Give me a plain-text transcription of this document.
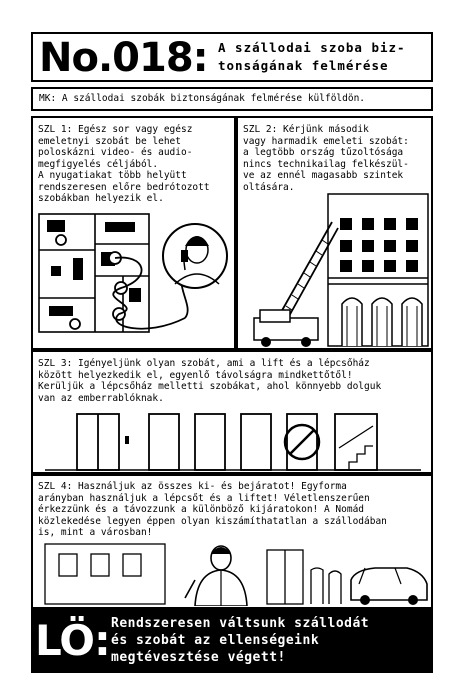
No.018: A szállodai szoba biz-
tonságának felmérése
MK: A szállodai szobák biztonságának felmérése külföldön.
SZL 1: Egész sor vagy egész
emeletnyi szobát be lehet
poloskázni video- és audio-
megfigyelés céljából.
A nyugatiakat több helyütt
rendszeresen előre bedrótozott
szobákban helyezik el.
SZL 2: Kérjünk második
vagy harmadik emeleti szobát:
a legtöbb ország tűzoltósága
nincs technikailag felkészül-
ve az ennél magasabb szintek
oltására.
SZL 3: Igényeljünk olyan szobát, ami a lift és a lépcsőház
között helyezkedik el, egyenlő távolságra mindkettőtől!
Kerüljük a lépcsőház melletti szobákat, ahol könnyebb dolguk
van az emberrablóknak.
SZL 4: Használjuk az összes ki- és bejáratot! Egyforma
arányban használjuk a lépcsőt és a liftet! Véletlenszerűen
érkezzünk és a távozzunk a különböző kijáratokon! A Nomád
közlekedése legyen éppen olyan kiszámíthatatlan a szállodában
is, mint a városban!
LÖ: Rendszeresen váltsunk szállodát
és szobát az ellenségeink
megtévesztése végett!
